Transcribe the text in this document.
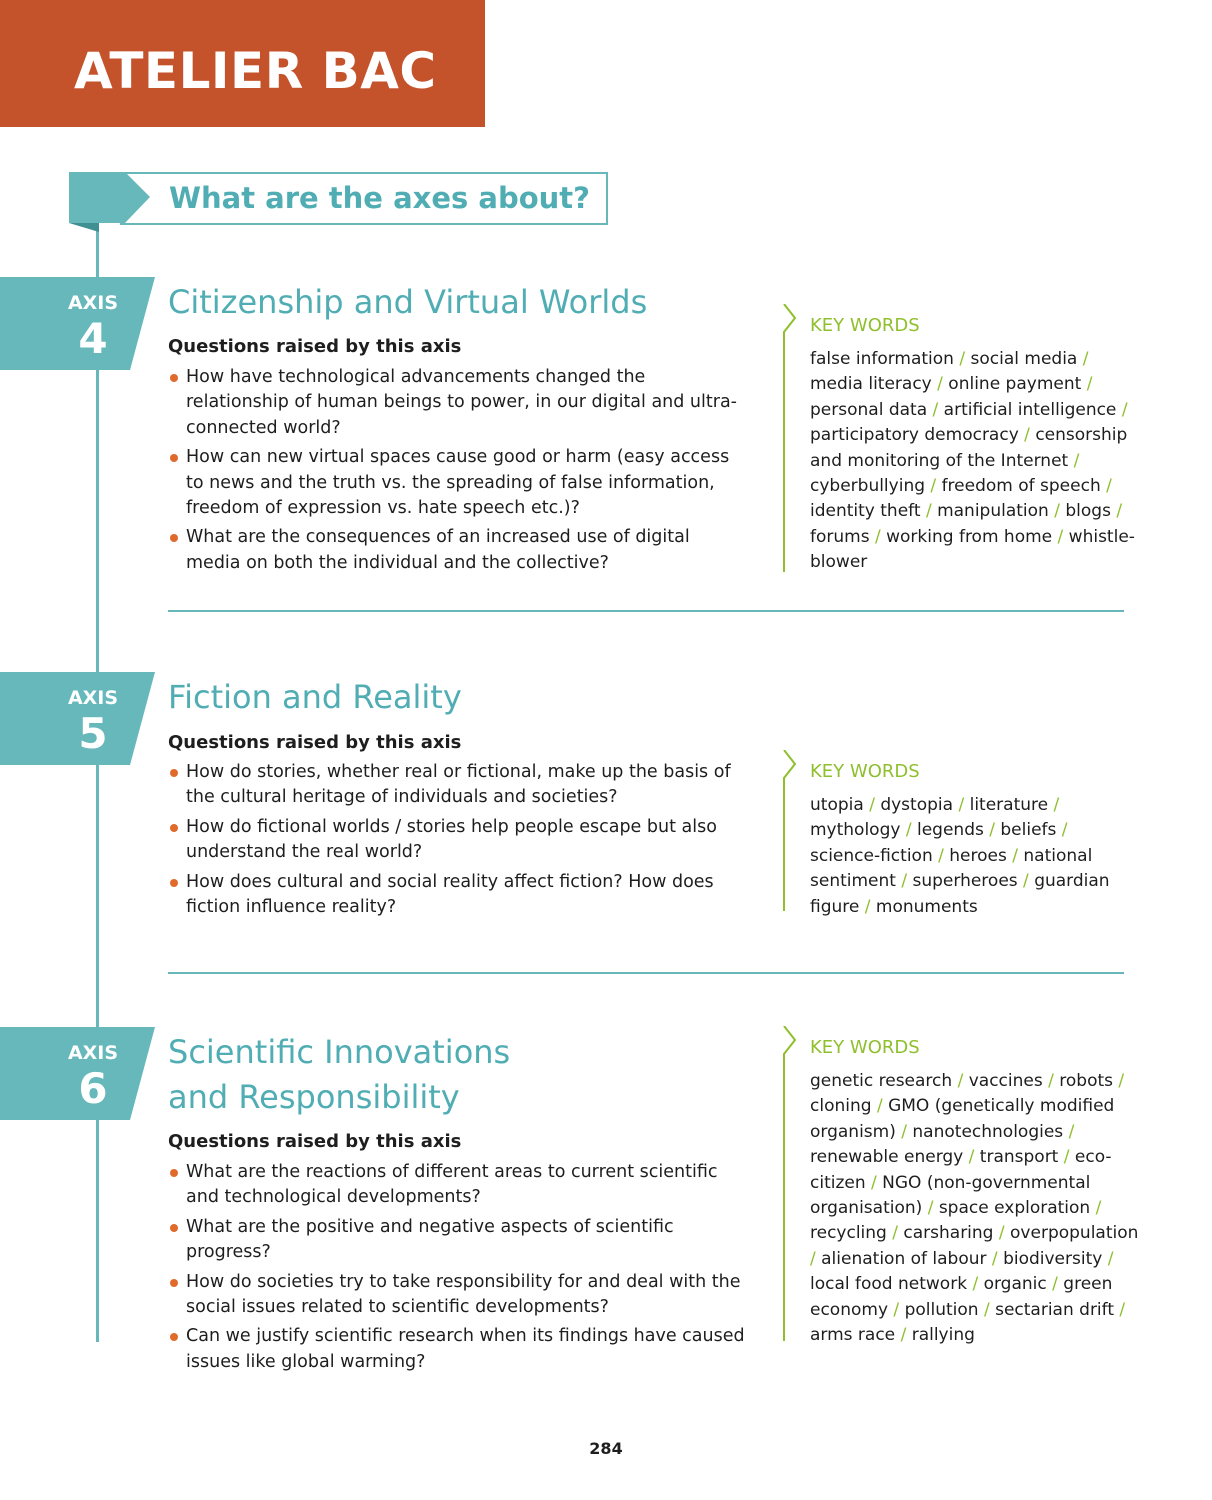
ATELIER BAC
What are the axes about?
AXIS
4
Citizenship and Virtual Worlds
Questions raised by this axis
How have technological advancements changed the relationship of human beings to power, in our digital and ultra-connected world?
How can new virtual spaces cause good or harm (easy access to news and the truth vs. the spreading of false information, freedom of expression vs. hate speech etc.)?
What are the consequences of an increased use of digital media on both the individual and the collective?
KEY WORDS

false information / social media / media literacy / online payment / personal data / artificial intelligence / participatory democracy / censorship and monitoring of the Internet / cyberbullying / freedom of speech / identity theft / manipulation / blogs / forums / working from home / whistle-blower

AXIS
5
Fiction and Reality
Questions raised by this axis
How do stories, whether real or fictional, make up the basis of the cultural heritage of individuals and societies?
How do fictional worlds / stories help people escape but also understand the real world?
How does cultural and social reality affect fiction? How does fiction influence reality?
KEY WORDS

utopia / dystopia / literature / mythology / legends / beliefs / science-fiction / heroes / national sentiment / superheroes / guardian figure / monuments

AXIS
6
Scientific Innovations
and Responsibility
Questions raised by this axis
What are the reactions of different areas to current scientific and technological developments?
What are the positive and negative aspects of scientific progress?
How do societies try to take responsibility for and deal with the social issues related to scientific developments?
Can we justify scientific research when its findings have caused issues like global warming?
KEY WORDS

genetic research / vaccines / robots / cloning / GMO (genetically modified organism) / nanotechnologies / renewable energy / transport / eco-citizen / NGO (non-governmental organisation) / space exploration / recycling / carsharing / overpopulation / alienation of labour / biodiversity / local food network / organic / green economy / pollution / sectarian drift / arms race / rallying

284
